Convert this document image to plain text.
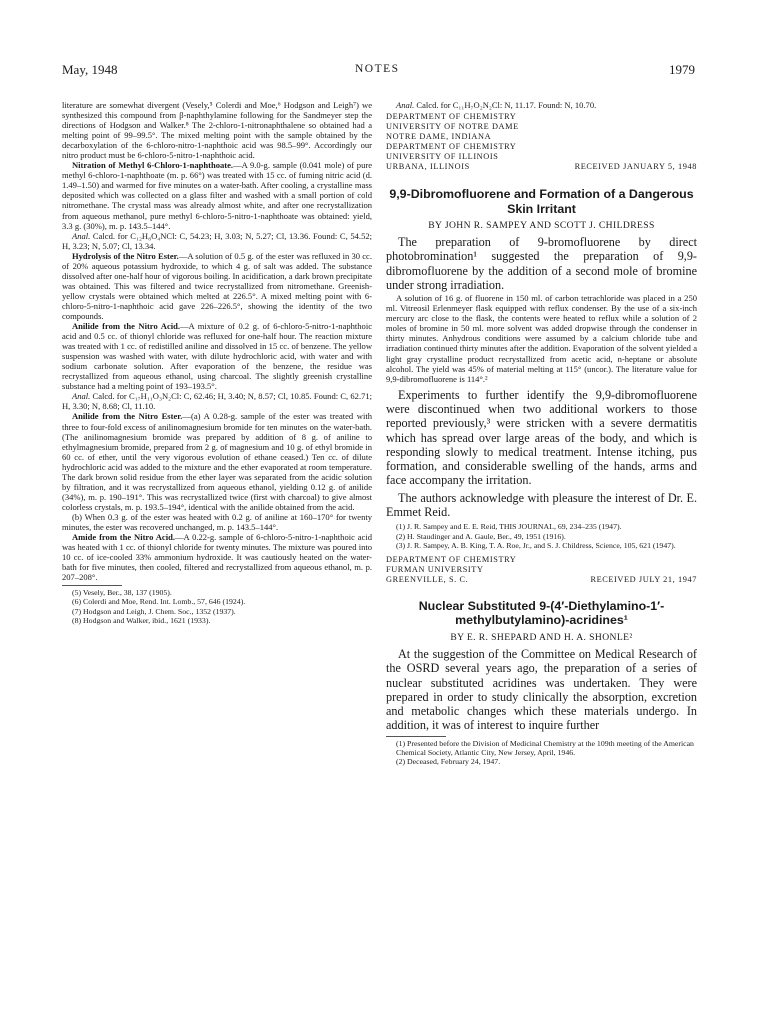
May, 1948	NOTES	1979

literature are somewhat divergent (Vesely,⁵ Colerdi and Moe,⁶ Hodgson and Leigh⁷) we synthesized this compound from β-naphthylamine following for the Sandmeyer step the directions of Hodgson and Walker.⁸ The 2-chloro-1-nitronaphthalene so obtained had a melting point of 99–99.5°. The mixed melting point with the sample obtained by the decarboxylation of the 6-chloro-nitro-1-naphthoic acid was 98.5–99°. Accordingly our nitro product must be 6-chloro-5-nitro-1-naphthoic acid.

Nitration of Methyl 6-Chloro-1-naphthoate.—A 9.0-g. sample (0.041 mole) of pure methyl 6-chloro-1-naphthoate (m. p. 66°) was treated with 15 cc. of fuming nitric acid (d. 1.49–1.50) and warmed for five minutes on a water-bath. After cooling, a crystalline mass deposited which was collected on a glass filter and washed with a small portion of cold nitromethane. The crystal mass was already almost white, and after one recrystallization from aqueous methanol, pure methyl 6-chloro-5-nitro-1-naphthoate was obtained: yield, 3.3 g. (30%), m. p. 143.5–144°.

Anal. Calcd. for C₁₂H₈O₄NCl: C, 54.23; H, 3.03; N, 5.27; Cl, 13.36. Found: C, 54.52; H, 3.23; N, 5.07; Cl, 13.34.

Hydrolysis of the Nitro Ester.—A solution of 0.5 g. of the ester was refluxed in 30 cc. of 20% aqueous potassium hydroxide, to which 4 g. of salt was added. The substance dissolved after one-half hour of vigorous boiling. In acidification, a dark brown precipitate was obtained. This was filtered and twice recrystallized from nitromethane. Greenish-yellow crystals were obtained which melted at 226.5°. A mixed melting point with 6-chloro-5-nitro-1-naphthoic acid gave 226–226.5°, showing the identity of the two compounds.

Anilide from the Nitro Acid.—A mixture of 0.2 g. of 6-chloro-5-nitro-1-naphthoic acid and 0.5 cc. of thionyl chloride was refluxed for one-half hour. The reaction mixture was treated with 1 cc. of redistilled aniline and dissolved in 15 cc. of benzene. The yellow suspension was washed with water, with dilute hydrochloric acid, with water and with sodium carbonate solution. After evaporation of the benzene, the residue was recrystallized from aqueous ethanol, using charcoal. The slightly greenish crystalline substance had a melting point of 193–193.5°.

Anal. Calcd. for C₁₇H₁₁O₃N₂Cl: C, 62.46; H, 3.40; N, 8.57; Cl, 10.85. Found: C, 62.71; H, 3.30; N, 8.68; Cl, 11.10.

Anilide from the Nitro Ester.—(a) A 0.28-g. sample of the ester was treated with three to four-fold excess of anilinomagnesium bromide for ten minutes on the water-bath. (The anilinomagnesium bromide was prepared by addition of 8 g. of aniline to ethylmagnesium bromide, prepared from 2 g. of magnesium and 10 g. of ethyl bromide in 60 cc. of ether, until the very vigorous evolution of ethane ceased.) Ten cc. of dilute hydrochloric acid was added to the mixture and the ether evaporated at room temperature. The dark brown solid residue from the ether layer was separated from the acidic solution by filtration, and it was recrystallized from aqueous ethanol, yielding 0.12 g. of anilide (34%), m. p. 190–191°. This was recrystallized twice (first with charcoal) to give almost colorless crystals, m. p. 193.5–194°, identical with the anilide obtained from the acid.

(b) When 0.3 g. of the ester was heated with 0.2 g. of aniline at 160–170° for twenty minutes, the ester was recovered unchanged, m. p. 143.5–144°.

Amide from the Nitro Acid.—A 0.22-g. sample of 6-chloro-5-nitro-1-naphthoic acid was heated with 1 cc. of thionyl chloride for twenty minutes. The mixture was poured into 10 cc. of ice-cooled 33% ammonium hydroxide. It was cautiously heated on the water-bath for five minutes, then cooled, filtered and recrystallized from aqueous ethanol, m. p. 207–208°.

(5) Vesely, Ber., 38, 137 (1905).
(6) Colerdi and Moe, Rend. Int. Lomb., 57, 646 (1924).
(7) Hodgson and Leigh, J. Chem. Soc., 1352 (1937).
(8) Hodgson and Walker, ibid., 1621 (1933).

Anal. Calcd. for C₁₁H₇O₂N₂Cl: N, 11.17. Found: N, 10.70.

DEPARTMENT OF CHEMISTRY
UNIVERSITY OF NOTRE DAME
NOTRE DAME, INDIANA
DEPARTMENT OF CHEMISTRY
UNIVERSITY OF ILLINOIS
URBANA, ILLINOIS	RECEIVED JANUARY 5, 1948

9,9-Dibromofluorene and Formation of a Dangerous Skin Irritant

BY JOHN R. SAMPEY AND SCOTT J. CHILDRESS

The preparation of 9-bromofluorene by direct photobromination¹ suggested the preparation of 9,9-dibromofluorene by the addition of a second mole of bromine under strong irradiation.

A solution of 16 g. of fluorene in 150 ml. of carbon tetrachloride was placed in a 250 ml. Vitreosil Erlenmeyer flask equipped with reflux condenser. By the use of a six-inch mercury arc close to the flask, the contents were heated to reflux while a solution of 2 moles of bromine in 50 ml. more solvent was added dropwise through the condenser in thirty minutes. Anhydrous conditions were assumed by a calcium chloride tube and irradiation continued thirty minutes after the addition. Evaporation of the solvent yielded a light gray crystalline product recrystallized from acetic acid, n-heptane or absolute alcohol. The yield was 45% of material melting at 115° (uncor.). The literature value for 9,9-dibromofluorene is 114°.²

Experiments to further identify the 9,9-dibromofluorene were discontinued when two additional workers to those reported previously,³ were stricken with a severe dermatitis which has spread over large areas of the body, and which is responding slowly to medical treatment. Intense itching, pus formation, and considerable swelling of the hands, arms and face accompany the irritation.

The authors acknowledge with pleasure the interest of Dr. E. Emmet Reid.

(1) J. R. Sampey and E. E. Reid, THIS JOURNAL, 69, 234–235 (1947).
(2) H. Staudinger and A. Gaule, Ber., 49, 1951 (1916).
(3) J. R. Sampey, A. B. King, T. A. Roe, Jr., and S. J. Childress, Science, 105, 621 (1947).
DEPARTMENT OF CHEMISTRY
FURMAN UNIVERSITY
GREENVILLE, S. C.	RECEIVED JULY 21, 1947

Nuclear Substituted 9-(4′-Diethylamino-1′-methylbutylamino)-acridines¹

BY E. R. SHEPARD AND H. A. SHONLE²

At the suggestion of the Committee on Medical Research of the OSRD several years ago, the preparation of a series of nuclear substituted acridines was undertaken. They were prepared in order to study clinically the absorption, excretion and metabolic changes which these materials undergo. In addition, it was of interest to inquire further

(1) Presented before the Division of Medicinal Chemistry at the 109th meeting of the American Chemical Society, Atlantic City, New Jersey, April, 1946.
(2) Deceased, February 24, 1947.
